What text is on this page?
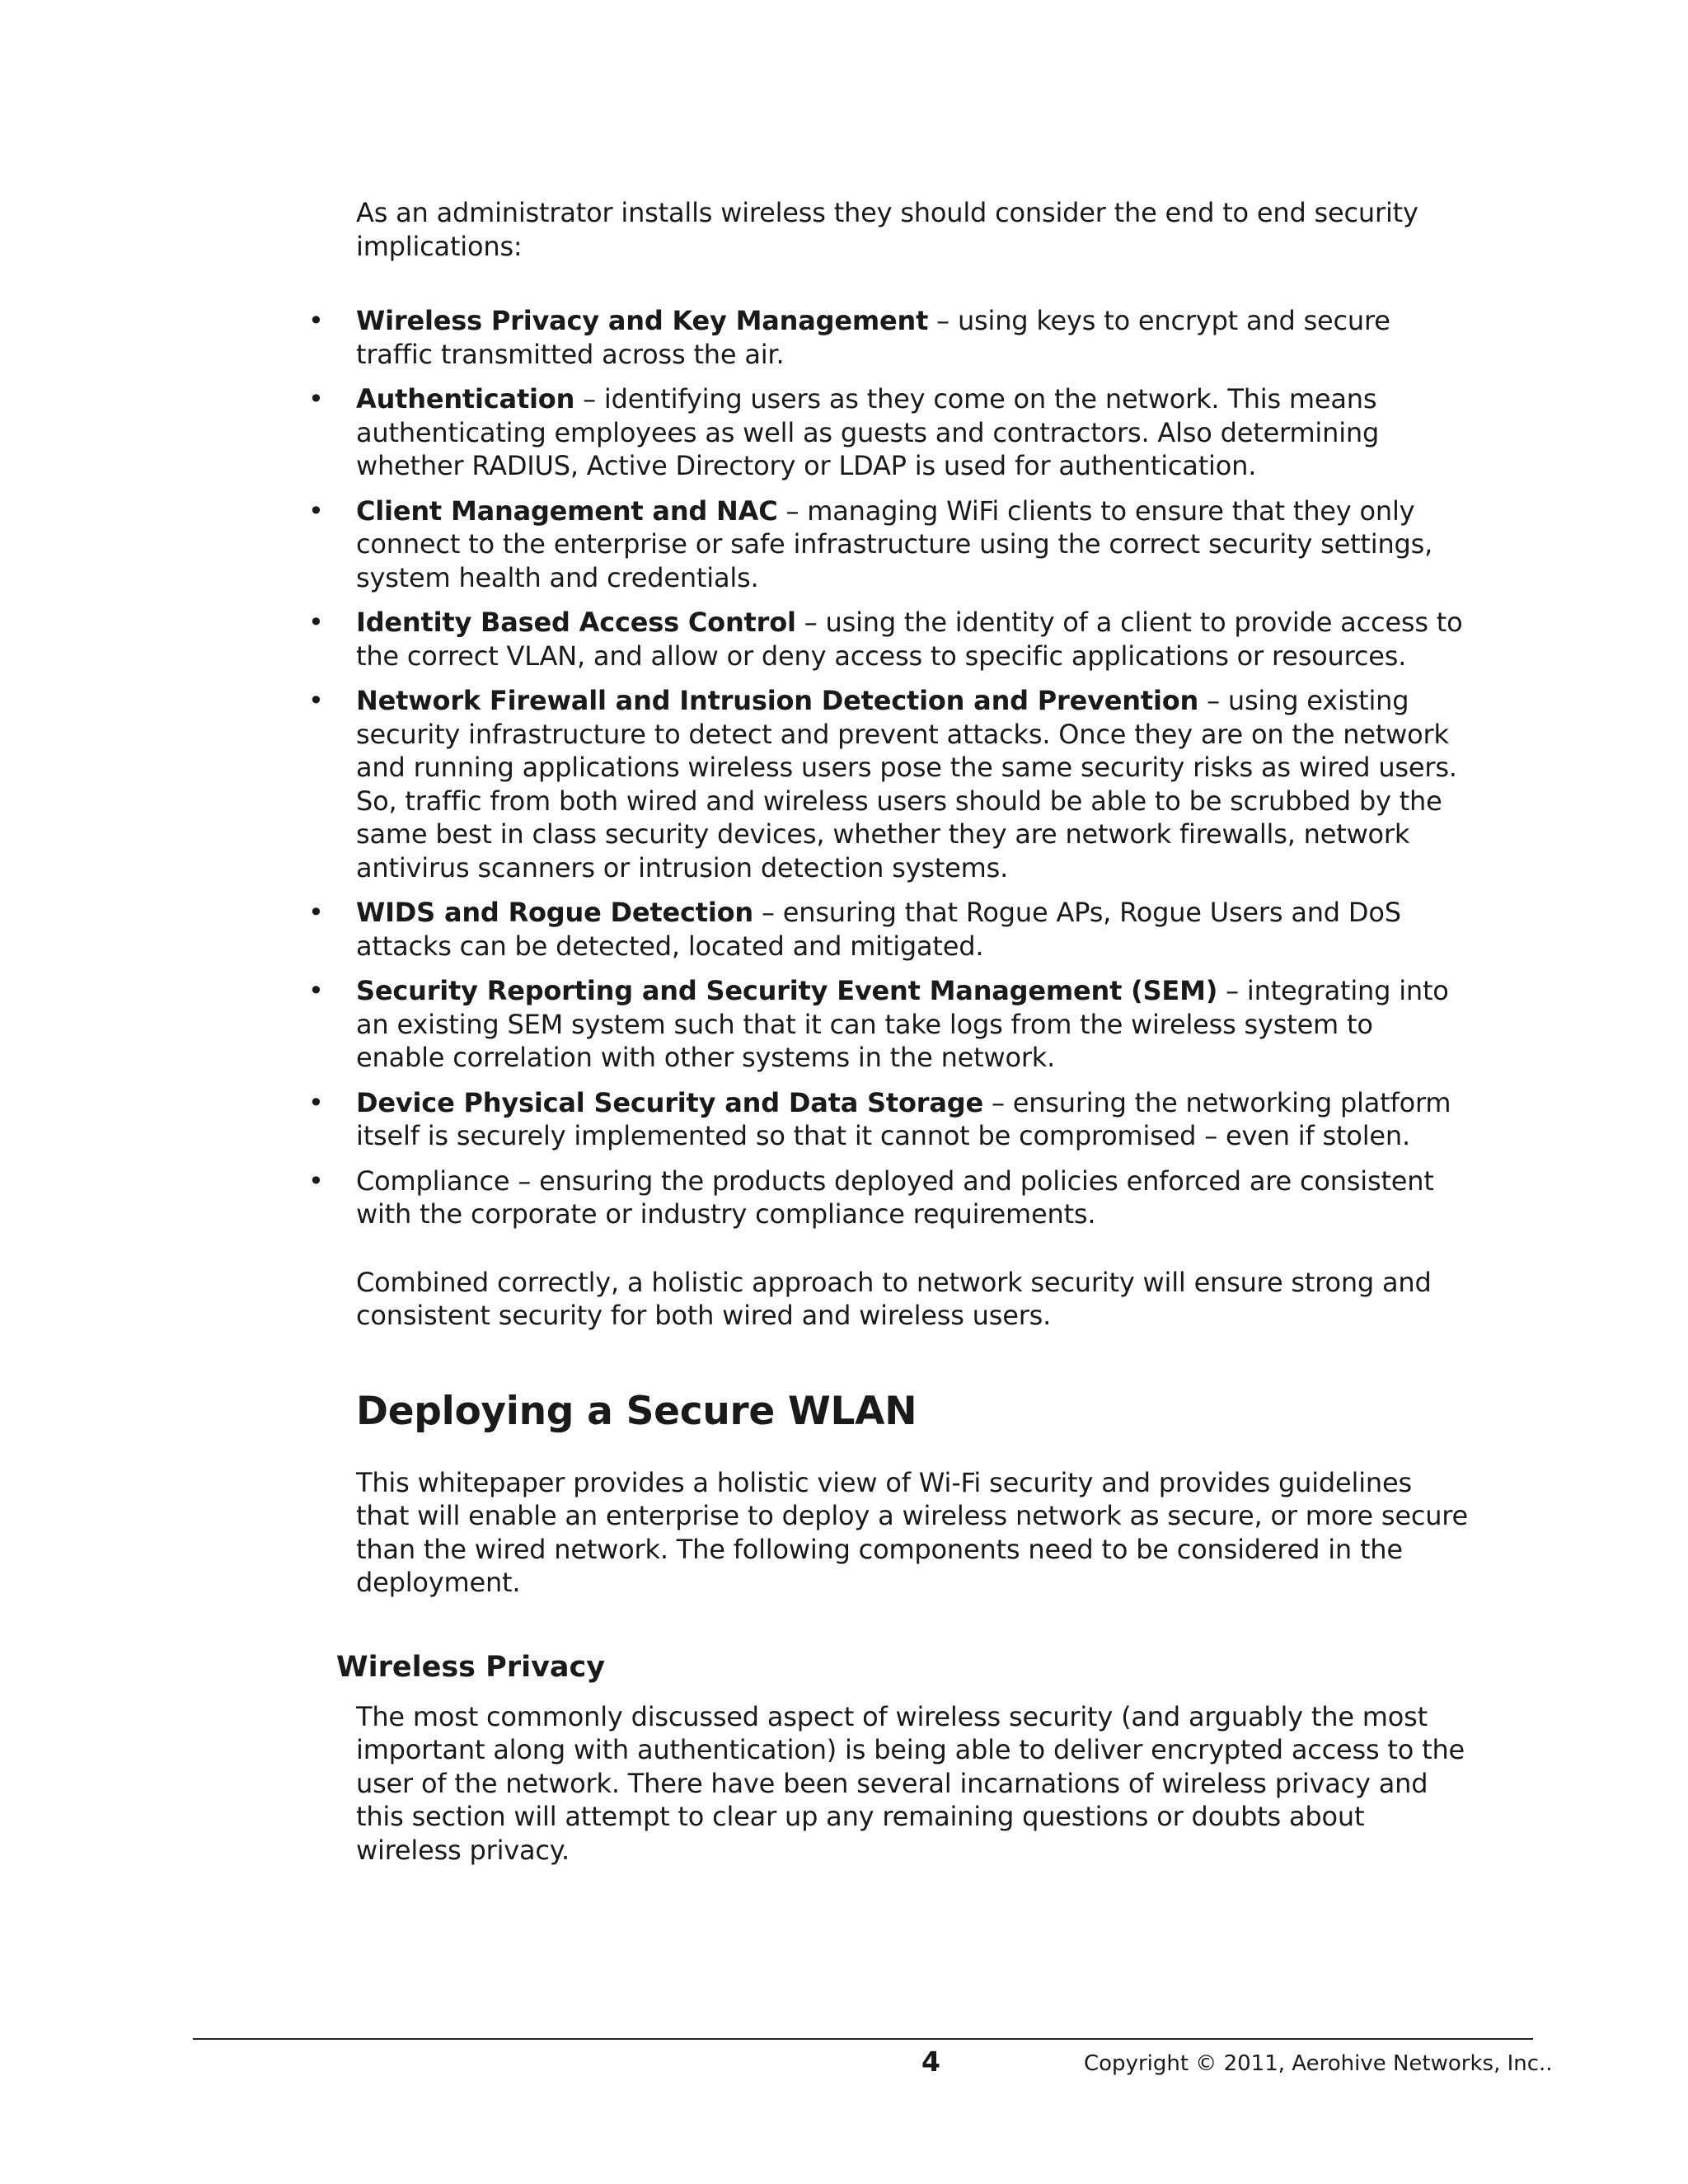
As an administrator installs wireless they should consider the end to end security implications:

• Wireless Privacy and Key Management – using keys to encrypt and secure traffic transmitted across the air.
• Authentication – identifying users as they come on the network. This means authenticating employees as well as guests and contractors. Also determining whether RADIUS, Active Directory or LDAP is used for authentication.
• Client Management and NAC – managing WiFi clients to ensure that they only connect to the enterprise or safe infrastructure using the correct security settings, system health and credentials.
• Identity Based Access Control – using the identity of a client to provide access to the correct VLAN, and allow or deny access to specific applications or resources.
• Network Firewall and Intrusion Detection and Prevention – using existing security infrastructure to detect and prevent attacks. Once they are on the network and running applications wireless users pose the same security risks as wired users. So, traffic from both wired and wireless users should be able to be scrubbed by the same best in class security devices, whether they are network firewalls, network antivirus scanners or intrusion detection systems.
• WIDS and Rogue Detection – ensuring that Rogue APs, Rogue Users and DoS attacks can be detected, located and mitigated.
• Security Reporting and Security Event Management (SEM) – integrating into an existing SEM system such that it can take logs from the wireless system to enable correlation with other systems in the network.
• Device Physical Security and Data Storage – ensuring the networking platform itself is securely implemented so that it cannot be compromised – even if stolen.
• Compliance – ensuring the products deployed and policies enforced are consistent with the corporate or industry compliance requirements.

Combined correctly, a holistic approach to network security will ensure strong and consistent security for both wired and wireless users.

Deploying a Secure WLAN

This whitepaper provides a holistic view of Wi-Fi security and provides guidelines that will enable an enterprise to deploy a wireless network as secure, or more secure than the wired network. The following components need to be considered in the deployment.

Wireless Privacy

The most commonly discussed aspect of wireless security (and arguably the most important along with authentication) is being able to deliver encrypted access to the user of the network. There have been several incarnations of wireless privacy and this section will attempt to clear up any remaining questions or doubts about wireless privacy.

4	Copyright © 2011, Aerohive Networks, Inc..
